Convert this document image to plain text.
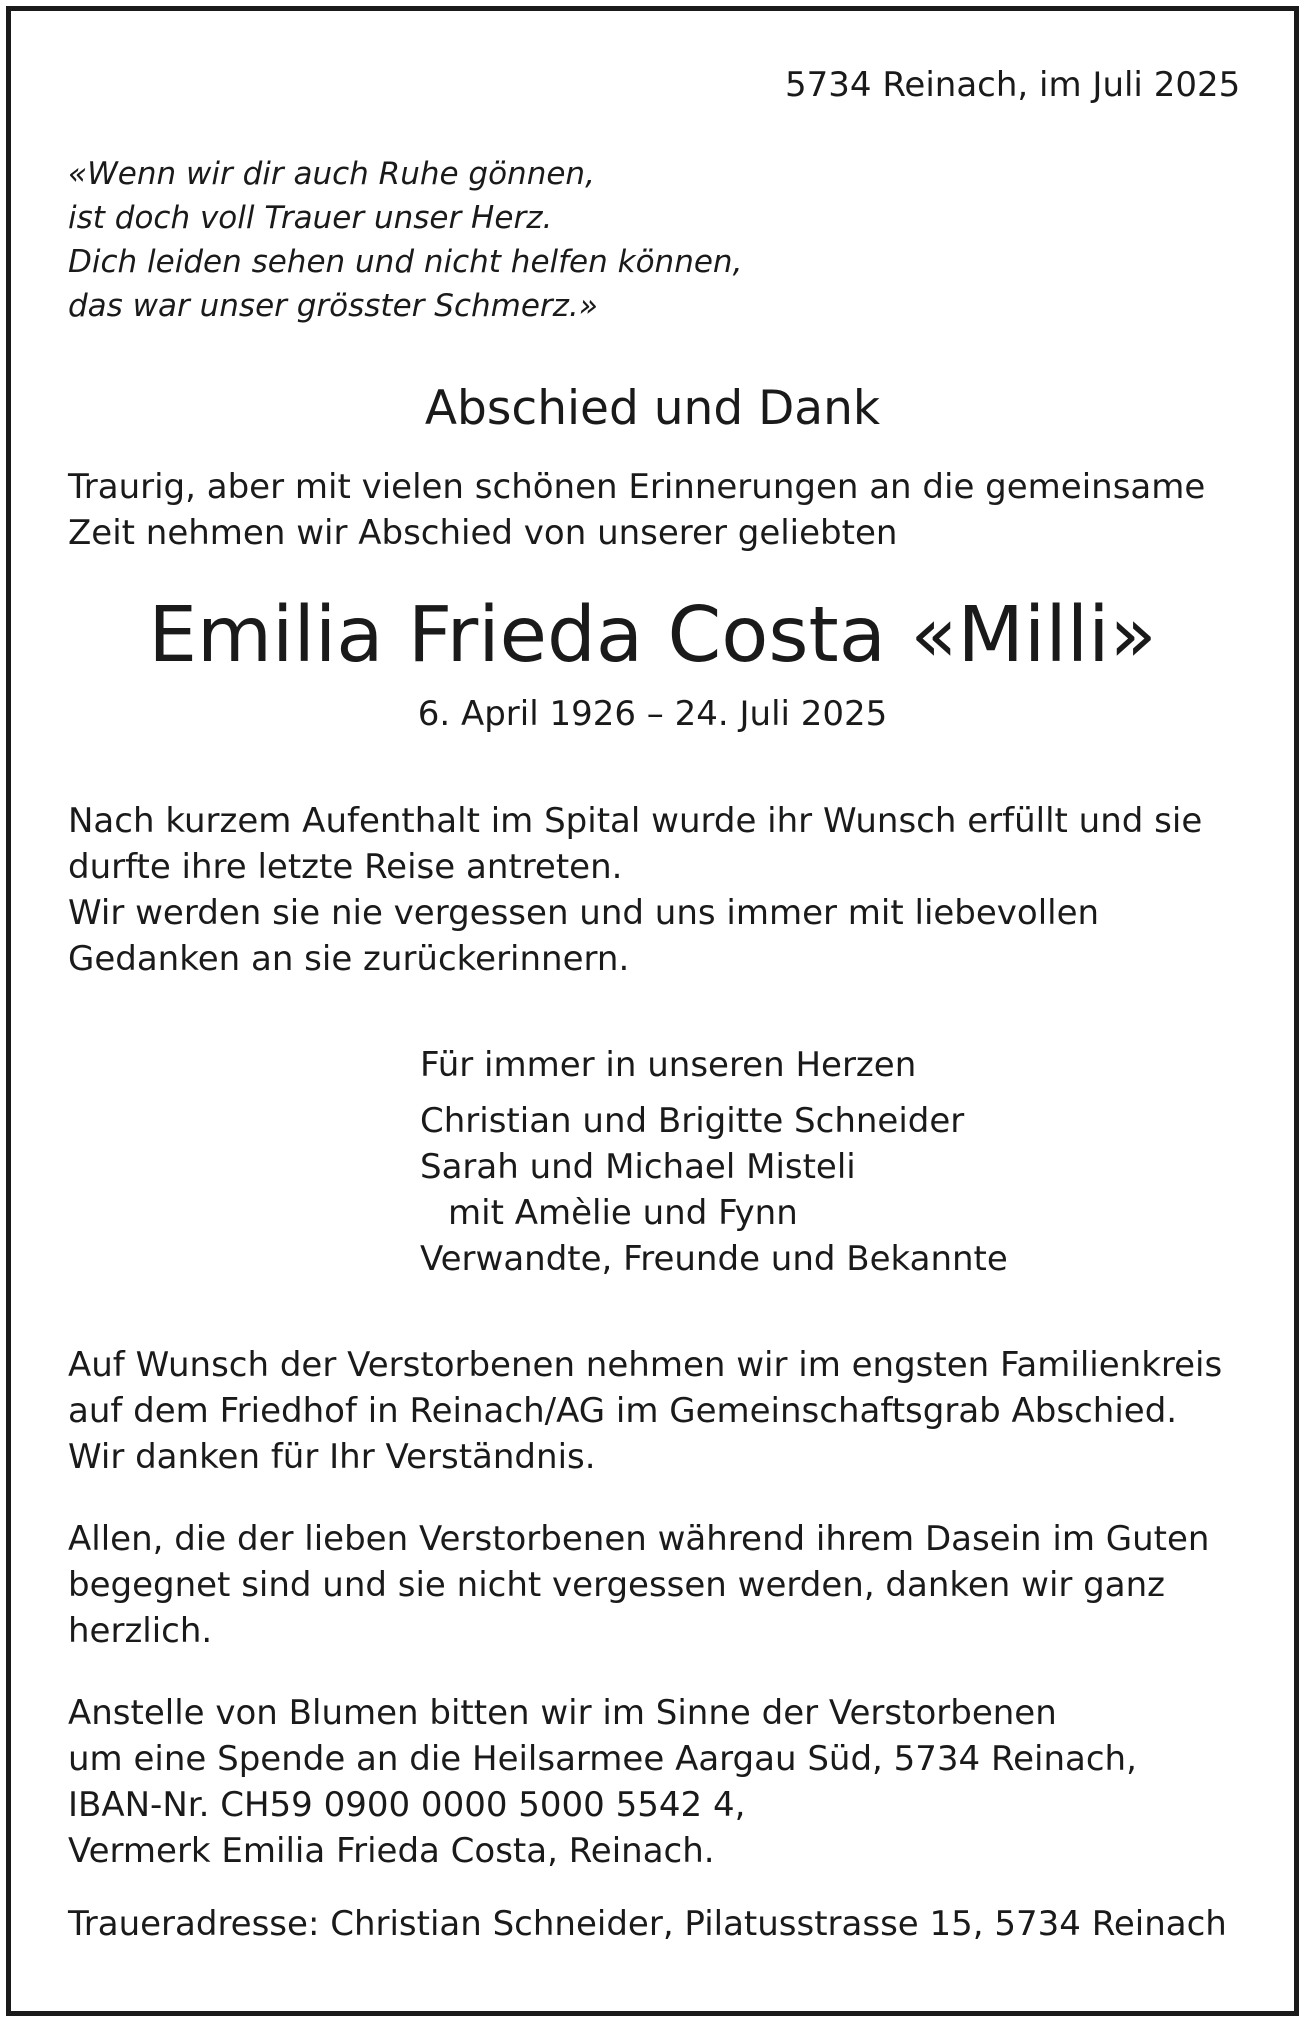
5734 Reinach, im Juli 2025

«Wenn wir dir auch Ruhe gönnen,
ist doch voll Trauer unser Herz.
Dich leiden sehen und nicht helfen können,
das war unser grösster Schmerz.»
Abschied und Dank
Traurig, aber mit vielen schönen Erinnerungen an die gemeinsame
Zeit nehmen wir Abschied von unserer geliebten
Emilia Frieda Costa «Milli»

6. April 1926 – 24. Juli 2025

Nach kurzem Aufenthalt im Spital wurde ihr Wunsch erfüllt und sie
durfte ihre letzte Reise antreten.
Wir werden sie nie vergessen und uns immer mit liebevollen
Gedanken an sie zurückerinnern.
Für immer in unseren Herzen
Christian und Brigitte Schneider
Sarah und Michael Misteli
mit Amèlie und Fynn
Verwandte, Freunde und Bekannte
Auf Wunsch der Verstorbenen nehmen wir im engsten Familienkreis
auf dem Friedhof in Reinach/AG im Gemeinschaftsgrab Abschied.
Wir danken für Ihr Verständnis.
Allen, die der lieben Verstorbenen während ihrem Dasein im Guten
begegnet sind und sie nicht vergessen werden, danken wir ganz
herzlich.
Anstelle von Blumen bitten wir im Sinne der Verstorbenen
um eine Spende an die Heilsarmee Aargau Süd, 5734 Reinach,
IBAN-Nr. CH59 0900 0000 5000 5542 4,
Vermerk Emilia Frieda Costa, Reinach.

Traueradresse: Christian Schneider, Pilatusstrasse 15, 5734 Reinach
